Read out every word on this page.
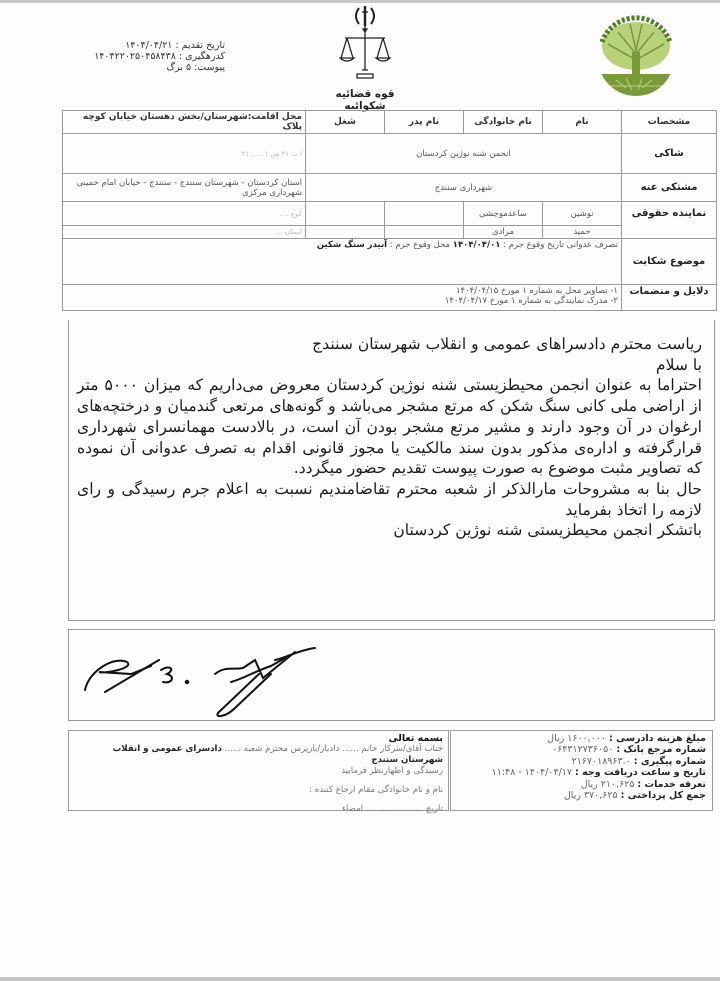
تاریخ تقدیم : ۱۴۰۴/۰۴/۲۱
کدرهگیری : ۱۴۰۴۲۲۰۲۵۰۴۵۸۴۳۸
پیوست: ۵ برگ
قوه قضائیه
شکوائیه
مشخصات	نام	نام خانوادگی	نام پدر	شغل	محل اقامت:شهرستان/بخش دهستان خیابان کوچه پلاک
شاکی	انجمن شنه نوژین کردستان				ا ب ۲۱ س ۱ ..... ۲۱
مشتکی عنه	شهرداری سنندج				استان کردستان - شهرستان سنندج - سنندج - خیابان امام خمینی شهرداری مرکزی
نماینده حقوقی	نوشین	ساعدموچشی			کوچ ....
	حمید	مرادی			استان ....
موضوع شکایت	تصرف عدوانی تاریخ وقوع جرم : ۱۴۰۴/۰۴/۰۱ محل وقوع جرم : آبیدر سنگ شکین				
دلایل و منضمات	۱- تصاویر محل به شماره ۱ مورخ ۱۴۰۴/۰۴/۱۵
۲- مدرک نمایندگی به شماره ۱ مورخ ۱۴۰۴/۰۴/۱۷				

ریاست محترم دادسراهای عمومی و انقلاب شهرستان سنندج

با سلام

احتراما به عنوان انجمن محیطزیستی شنه نوژین کردستان معروض می‌داریم که میزان ۵۰۰۰ متر از اراضی ملی کانی سنگ شکن که مرتع مشجر می‌باشد و گونه‌های مرتعی گندمیان و درختچه‌های ارغوان در آن وجود دارند و مشیر مرتع مشجر بودن آن است، در بالادست مهمانسرای شهرداری قرارگرفته و اداره‌ی مذکور بدون سند مالکیت یا مجوز قانونی اقدام به تصرف عدوانی آن نموده که تصاویر مثبت موضوع به صورت پیوست تقدیم حضور میگردد.

حال بنا به مشروحات مارالذکر از شعبه محترم تقاضامندیم نسبت به اعلام جرم رسیدگی و رای لازمه را اتخاذ بفرمايد

باتشکر انجمن محیطزیستی شنه نوژین کردستان

مبلغ هزینه دادرسی : ۱۶۰۰,۰۰۰ ریال
شماره مرجع بانک : ۰۶۴۳۱۲۷۳۶۰۵۰
شماره پیگیری : ۲۱۶۷۰۱۸۹۶۳.۰
تاریخ و ساعت دریافت وجه : ۱۴۰۴/۰۴/۱۷ - ۱۱:۴۸
تعرفه خدمات : ۲۱۰,۶۲۵ ریال
جمع کل پرداختی : ۳۷۰,۶۲۵ ریال
بسمه تعالی
جناب آقای/سرکار خانم ...... دادیار/بازپرس محترم شعبه ...... دادسرای عمومی و انقلاب شهرستان سنندج
رسیدگی و اظهارنظر فرمایید
نام و نام خانوادگی مقام ارجاع کننده :
تاریخ ..................... امضاء
